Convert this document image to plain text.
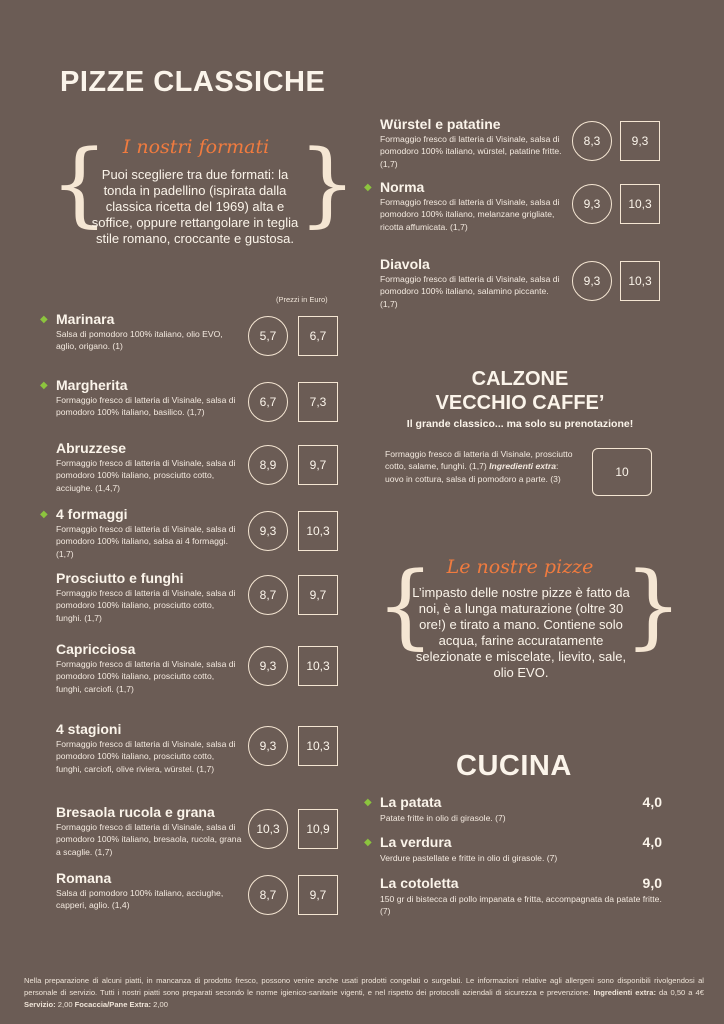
PIZZE CLASSICHE
{ }
I nostri formati
Puoi scegliere tra due formati: la tonda in padellino (ispirata dalla classica ricetta del 1969) alta e soffice, oppure rettangolare in teglia stile romano, croccante e gustosa.
(Prezzi in Euro)
◆ Marinara
Salsa di pomodoro 100% italiano, olio EVO, aglio, origano. (1)
5,7	6,7
◆ Margherita
Formaggio fresco di latteria di Visinale, salsa di pomodoro 100% italiano, basilico. (1,7)
6,7	7,3
Abruzzese
Formaggio fresco di latteria di Visinale, salsa di pomodoro 100% italiano, prosciutto cotto, acciughe. (1,4,7)
8,9	9,7
◆ 4 formaggi
Formaggio fresco di latteria di Visinale, salsa di pomodoro 100% italiano, salsa ai 4 formaggi. (1,7)
9,3	10,3
Prosciutto e funghi
Formaggio fresco di latteria di Visinale, salsa di pomodoro 100% italiano, prosciutto cotto, funghi. (1,7)
8,7	9,7
Capricciosa
Formaggio fresco di latteria di Visinale, salsa di pomodoro 100% italiano, prosciutto cotto, funghi, carciofi. (1,7)
9,3	10,3
4 stagioni
Formaggio fresco di latteria di Visinale, salsa di pomodoro 100% italiano, prosciutto cotto, funghi, carciofi, olive riviera, würstel. (1,7)
9,3	10,3
Bresaola rucola e grana
Formaggio fresco di latteria di Visinale, salsa di pomodoro 100% italiano, bresaola, rucola, grana a scaglie. (1,7)
10,3	10,9
Romana
Salsa di pomodoro 100% italiano, acciughe, capperi, aglio. (1,4)
8,7	9,7
Würstel e patatine
Formaggio fresco di latteria di Visinale, salsa di pomodoro 100% italiano, würstel, patatine fritte. (1,7)
8,3	9,3
◆ Norma
Formaggio fresco di latteria di Visinale, salsa di pomodoro 100% italiano, melanzane grigliate, ricotta affumicata. (1,7)
9,3	10,3
Diavola
Formaggio fresco di latteria di Visinale, salsa di pomodoro 100% italiano, salamino piccante. (1,7)
9,3	10,3
CALZONE
VECCHIO CAFFE’
Il grande classico... ma solo su prenotazione!
Formaggio fresco di latteria di Visinale, prosciutto cotto, salame, funghi. (1,7) Ingredienti extra: uovo in cottura, salsa di pomodoro a parte. (3)	10
{ }
Le nostre pizze
L’impasto delle nostre pizze è fatto da noi, è a lunga maturazione (oltre 30 ore!) e tirato a mano. Contiene solo acqua, farine accuratamente selezionate e miscelate, lievito, sale, olio EVO.
CUCINA
◆ La patata	4,0
Patate fritte in olio di girasole. (7)
◆ La verdura	4,0
Verdure pastellate e fritte in olio di girasole. (7)
La cotoletta	9,0
150 gr di bistecca di pollo impanata e fritta, accompagnata da patate fritte. (7)
Nella preparazione di alcuni piatti, in mancanza di prodotto fresco, possono venire anche usati prodotti congelati o surgelati. Le informazioni relative agli allergeni sono disponibili rivolgendosi al personale di servizio. Tutti i nostri piatti sono preparati secondo le norme igienico-sanitarie vigenti, e nel rispetto dei protocolli aziendali di sicurezza e prevenzione. Ingredienti extra: da 0,50 a 4€ Servizio: 2,00 Focaccia/Pane Extra: 2,00
